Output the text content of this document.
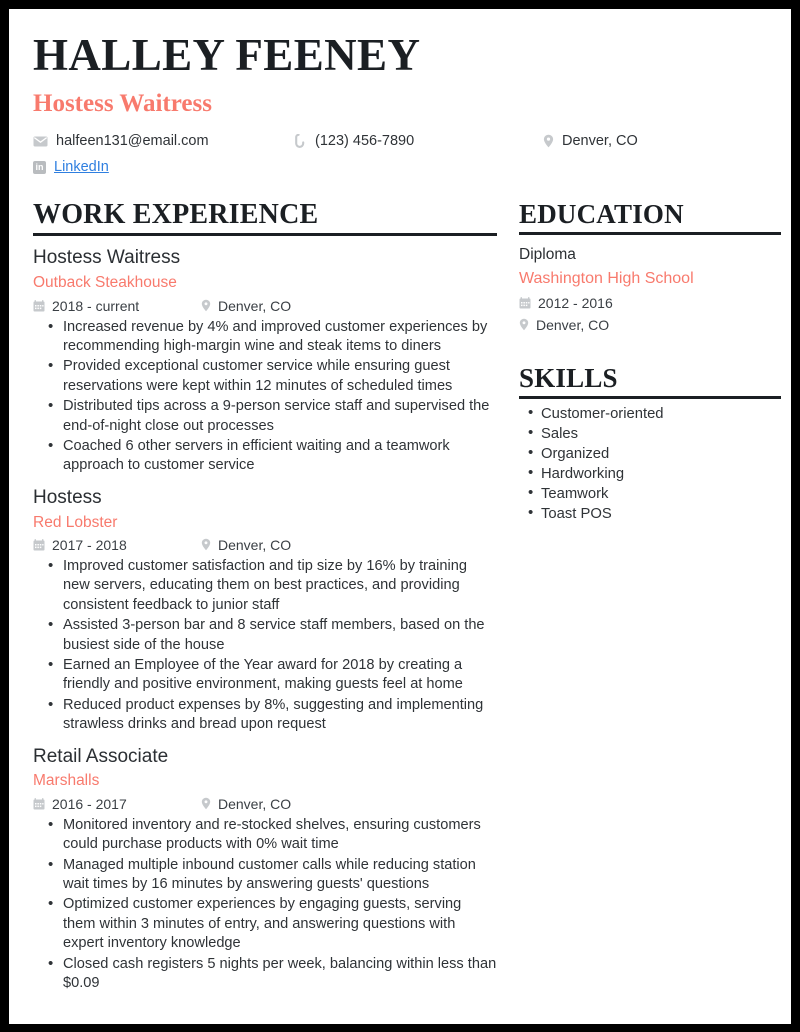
HALLEY FEENEY
Hostess Waitress
halfeen131@email.com	(123) 456-7890	Denver, CO
in LinkedIn
WORK EXPERIENCE
Hostess Waitress
Outback Steakhouse
2018 - current	Denver, CO
• Increased revenue by 4% and improved customer experiences by recommending high-margin wine and steak items to diners
• Provided exceptional customer service while ensuring guest reservations were kept within 12 minutes of scheduled times
• Distributed tips across a 9-person service staff and supervised the end-of-night close out processes
• Coached 6 other servers in efficient waiting and a teamwork approach to customer service
Hostess
Red Lobster
2017 - 2018	Denver, CO
• Improved customer satisfaction and tip size by 16% by training new servers, educating them on best practices, and providing consistent feedback to junior staff
• Assisted 3-person bar and 8 service staff members, based on the busiest side of the house
• Earned an Employee of the Year award for 2018 by creating a friendly and positive environment, making guests feel at home
• Reduced product expenses by 8%, suggesting and implementing strawless drinks and bread upon request
Retail Associate
Marshalls
2016 - 2017	Denver, CO
• Monitored inventory and re-stocked shelves, ensuring customers could purchase products with 0% wait time
• Managed multiple inbound customer calls while reducing station wait times by 16 minutes by answering guests' questions
• Optimized customer experiences by engaging guests, serving them within 3 minutes of entry, and answering questions with expert inventory knowledge
• Closed cash registers 5 nights per week, balancing within less than $0.09
EDUCATION
Diploma
Washington High School
2012 - 2016
Denver, CO
SKILLS
• Customer-oriented
• Sales
• Organized
• Hardworking
• Teamwork
• Toast POS
